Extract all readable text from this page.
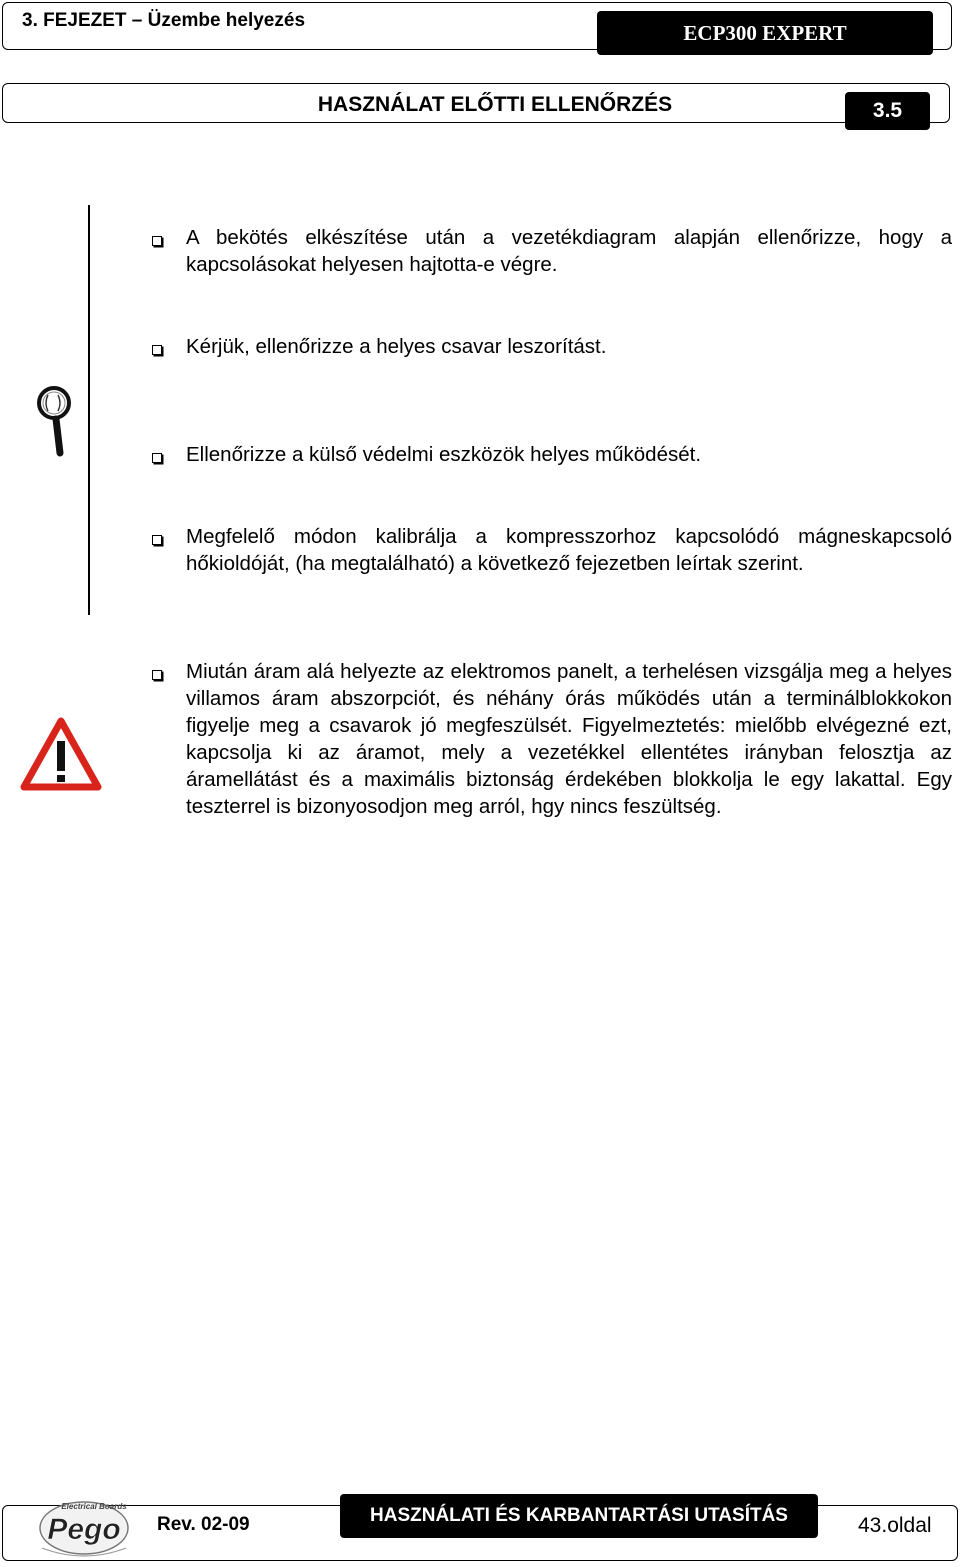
3. FEJEZET – Üzembe helyezés	ECP300 EXPERT
HASZNÁLAT ELŐTTI ELLENŐRZÉS	3.5
A bekötés elkészítése után a vezetékdiagram alapján ellenőrizze, hogy a kapcsolásokat helyesen hajtotta-e végre.
Kérjük, ellenőrizze a helyes csavar leszorítást.
Ellenőrizze a külső védelmi eszközök helyes működését.
Megfelelő módon kalibrálja a kompresszorhoz kapcsolódó mágneskapcsoló hőkioldóját, (ha megtalálható) a következő fejezetben leírtak szerint.
Miután áram alá helyezte az elektromos panelt, a terhelésen vizsgálja meg a helyes villamos áram abszorpciót, és néhány órás működés után a terminálblokkokon figyelje meg a csavarok jó megfeszülsét. Figyelmeztetés: mielőbb elvégezné ezt, kapcsolja ki az áramot, mely a vezetékkel ellentétes irányban felosztja az áramellátást és a maximális biztonság érdekében blokkolja le egy lakattal. Egy teszterrel is bizonyosodjon meg arról, hgy nincs feszültség.
Electrical Boards
Pego Rev. 02-09	HASZNÁLATI ÉS KARBANTARTÁSI UTASÍTÁS	43.oldal
